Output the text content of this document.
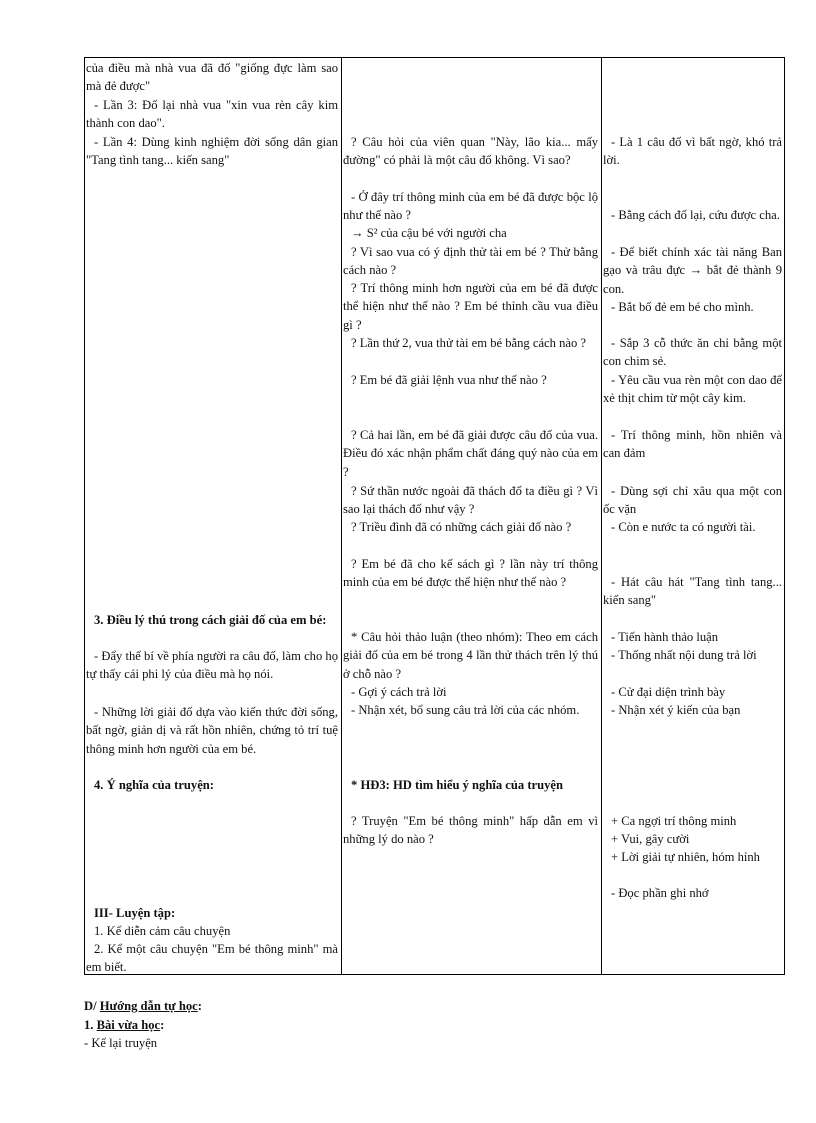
của điều mà nhà vua đã đố "giống đực làm sao mà đẻ được"

- Lần 3: Đố lại nhà vua "xin vua rèn cây kim thành con dao".

- Lần 4: Dùng kinh nghiệm đời sống dân gian "Tang tình tang... kiến sang"

3. Điều lý thú trong cách giải đố của em bé:

- Đẩy thế bí về phía người ra câu đố, làm cho họ tự thấy cái phi lý của điều mà họ nói.

- Những lời giải đố dựa vào kiến thức đời sống, bất ngờ, giản dị và rất hồn nhiên, chứng tỏ trí tuệ thông minh hơn người của em bé.

4. Ý nghĩa của truyện:

III- Luyện tập:

1. Kể diễn cảm câu chuyện

2. Kể một câu chuyện "Em bé thông minh" mà em biết.

? Câu hỏi của viên quan "Này, lão kia... mấy đường" có phải là một câu đố không. Vì sao?

- Ở đây trí thông minh của em bé đã được bộc lộ như thế nào ?

→ S² của cậu bé với người cha

? Vì sao vua có ý định thử tài em bé ? Thử bằng cách nào ?

? Trí thông minh hơn người của em bé đã được thể hiện như thế nào ? Em bé thỉnh cầu vua điều gì ?

? Lần thứ 2, vua thử tài em bé bằng cách nào ?

? Em bé đã giải lệnh vua như thế nào ?

? Cả hai lần, em bé đã giải được câu đố của vua. Điều đó xác nhận phẩm chất đáng quý nào của em ?

? Sứ thần nước ngoài đã thách đố ta điều gì ? Vì sao lại thách đố như vậy ?

? Triều đình đã có những cách giải đố nào ?

? Em bé đã cho kế sách gì ? lần này trí thông minh của em bé được thể hiện như thế nào ?

* Câu hỏi thảo luận (theo nhóm): Theo em cách giải đố của em bé trong 4 lần thử thách trên lý thú ở chỗ nào ?

- Gợi ý cách trả lời

- Nhận xét, bổ sung câu trả lời của các nhóm.

* HĐ3: HD tìm hiểu ý nghĩa của truyện

? Truyện "Em bé thông minh" hấp dẫn em vì những lý do nào ?

- Là 1 câu đố vì bất ngờ, khó trả lời.

- Bằng cách đố lại, cứu được cha.

- Để biết chính xác tài năng Ban gạo và trâu đực → bắt đẻ thành 9 con.

- Bắt bố đẻ em bé cho mình.

- Sắp 3 cỗ thức ăn chỉ bằng một con chim sẻ.

- Yêu cầu vua rèn một con dao để xẻ thịt chim từ một cây kim.

- Trí thông minh, hồn nhiên và can đảm

- Dùng sợi chỉ xâu qua một con ốc vặn

- Còn e nước ta có người tài.

- Hát câu hát "Tang tình tang... kiến sang"

- Tiến hành thảo luận

- Thống nhất nội dung trả lời

- Cử đại diện trình bày

- Nhận xét ý kiến của bạn

+ Ca ngợi trí thông minh

+ Vui, gây cười

+ Lời giải tự nhiên, hóm hỉnh

- Đọc phần ghi nhớ

D/ Hướng dẫn tự học:

1. Bài vừa học:

- Kể lại truyện
